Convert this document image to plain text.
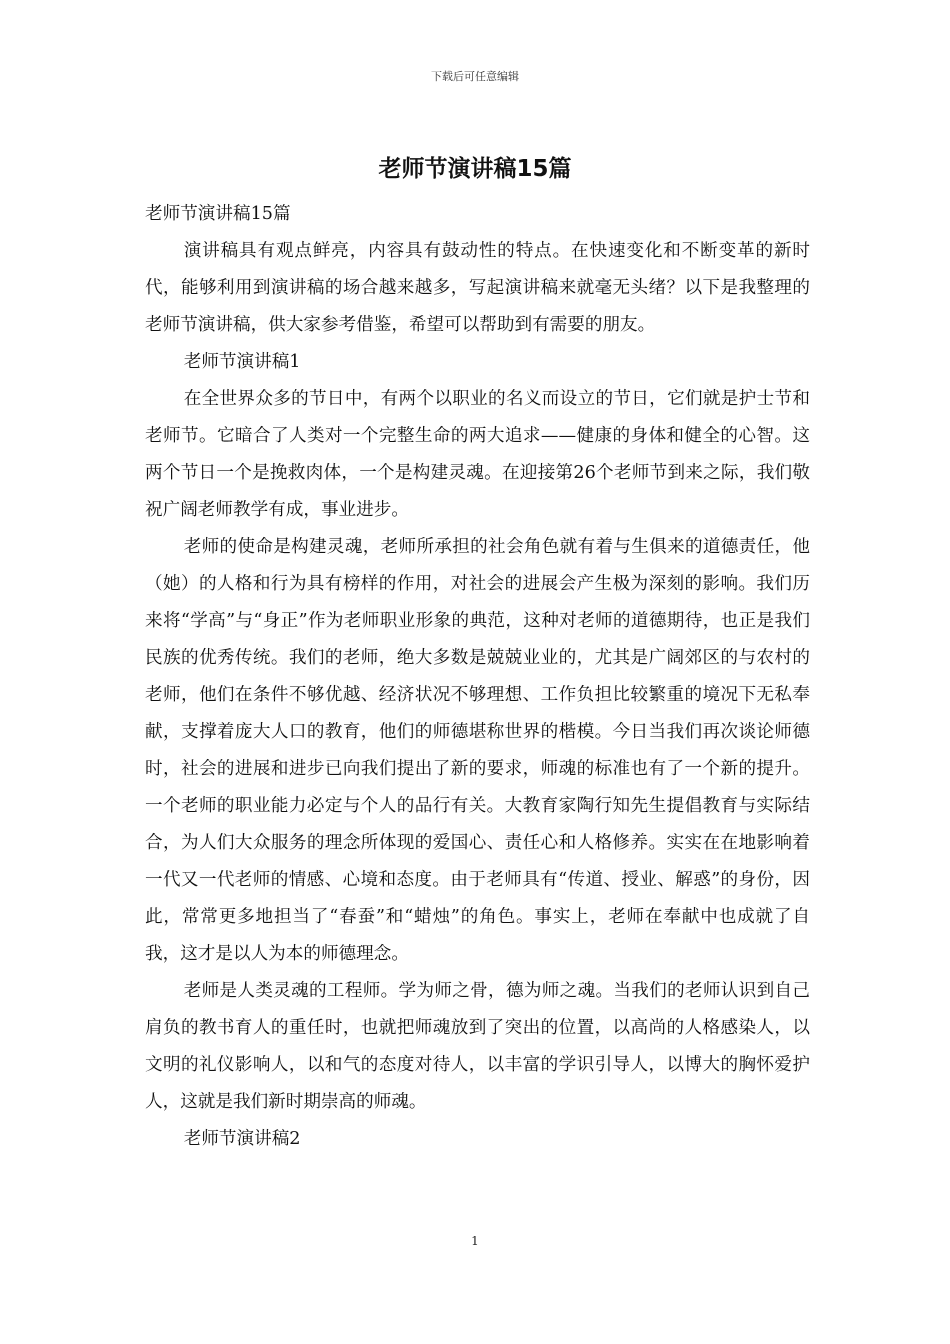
下载后可任意编辑
老师节演讲稿15篇

老师节演讲稿15篇

演讲稿具有观点鲜亮，内容具有鼓动性的特点。在快速变化和不断变革的新时代，能够利用到演讲稿的场合越来越多，写起演讲稿来就毫无头绪？以下是我整理的老师节演讲稿，供大家参考借鉴，希望可以帮助到有需要的朋友。

老师节演讲稿1

在全世界众多的节日中，有两个以职业的名义而设立的节日，它们就是护士节和老师节。它暗合了人类对一个完整生命的两大追求——健康的身体和健全的心智。这两个节日一个是挽救肉体，一个是构建灵魂。在迎接第26个老师节到来之际，我们敬祝广阔老师教学有成，事业进步。

老师的使命是构建灵魂，老师所承担的社会角色就有着与生俱来的道德责任，他（她）的人格和行为具有榜样的作用，对社会的进展会产生极为深刻的影响。我们历来将“学高”与“身正”作为老师职业形象的典范，这种对老师的道德期待，也正是我们民族的优秀传统。我们的老师，绝大多数是兢兢业业的，尤其是广阔郊区的与农村的老师，他们在条件不够优越、经济状况不够理想、工作负担比较繁重的境况下无私奉献，支撑着庞大人口的教育，他们的师德堪称世界的楷模。今日当我们再次谈论师德时，社会的进展和进步已向我们提出了新的要求，师魂的标准也有了一个新的提升。一个老师的职业能力必定与个人的品行有关。大教育家陶行知先生提倡教育与实际结合，为人们大众服务的理念所体现的爱国心、责任心和人格修养。实实在在地影响着一代又一代老师的情感、心境和态度。由于老师具有“传道、授业、解惑”的身份，因此，常常更多地担当了“春蚕”和“蜡烛”的角色。事实上，老师在奉献中也成就了自我，这才是以人为本的师德理念。

老师是人类灵魂的工程师。学为师之骨，德为师之魂。当我们的老师认识到自己肩负的教书育人的重任时，也就把师魂放到了突出的位置，以高尚的人格感染人，以文明的礼仪影响人，以和气的态度对待人，以丰富的学识引导人，以博大的胸怀爱护人，这就是我们新时期崇高的师魂。

老师节演讲稿2

1
